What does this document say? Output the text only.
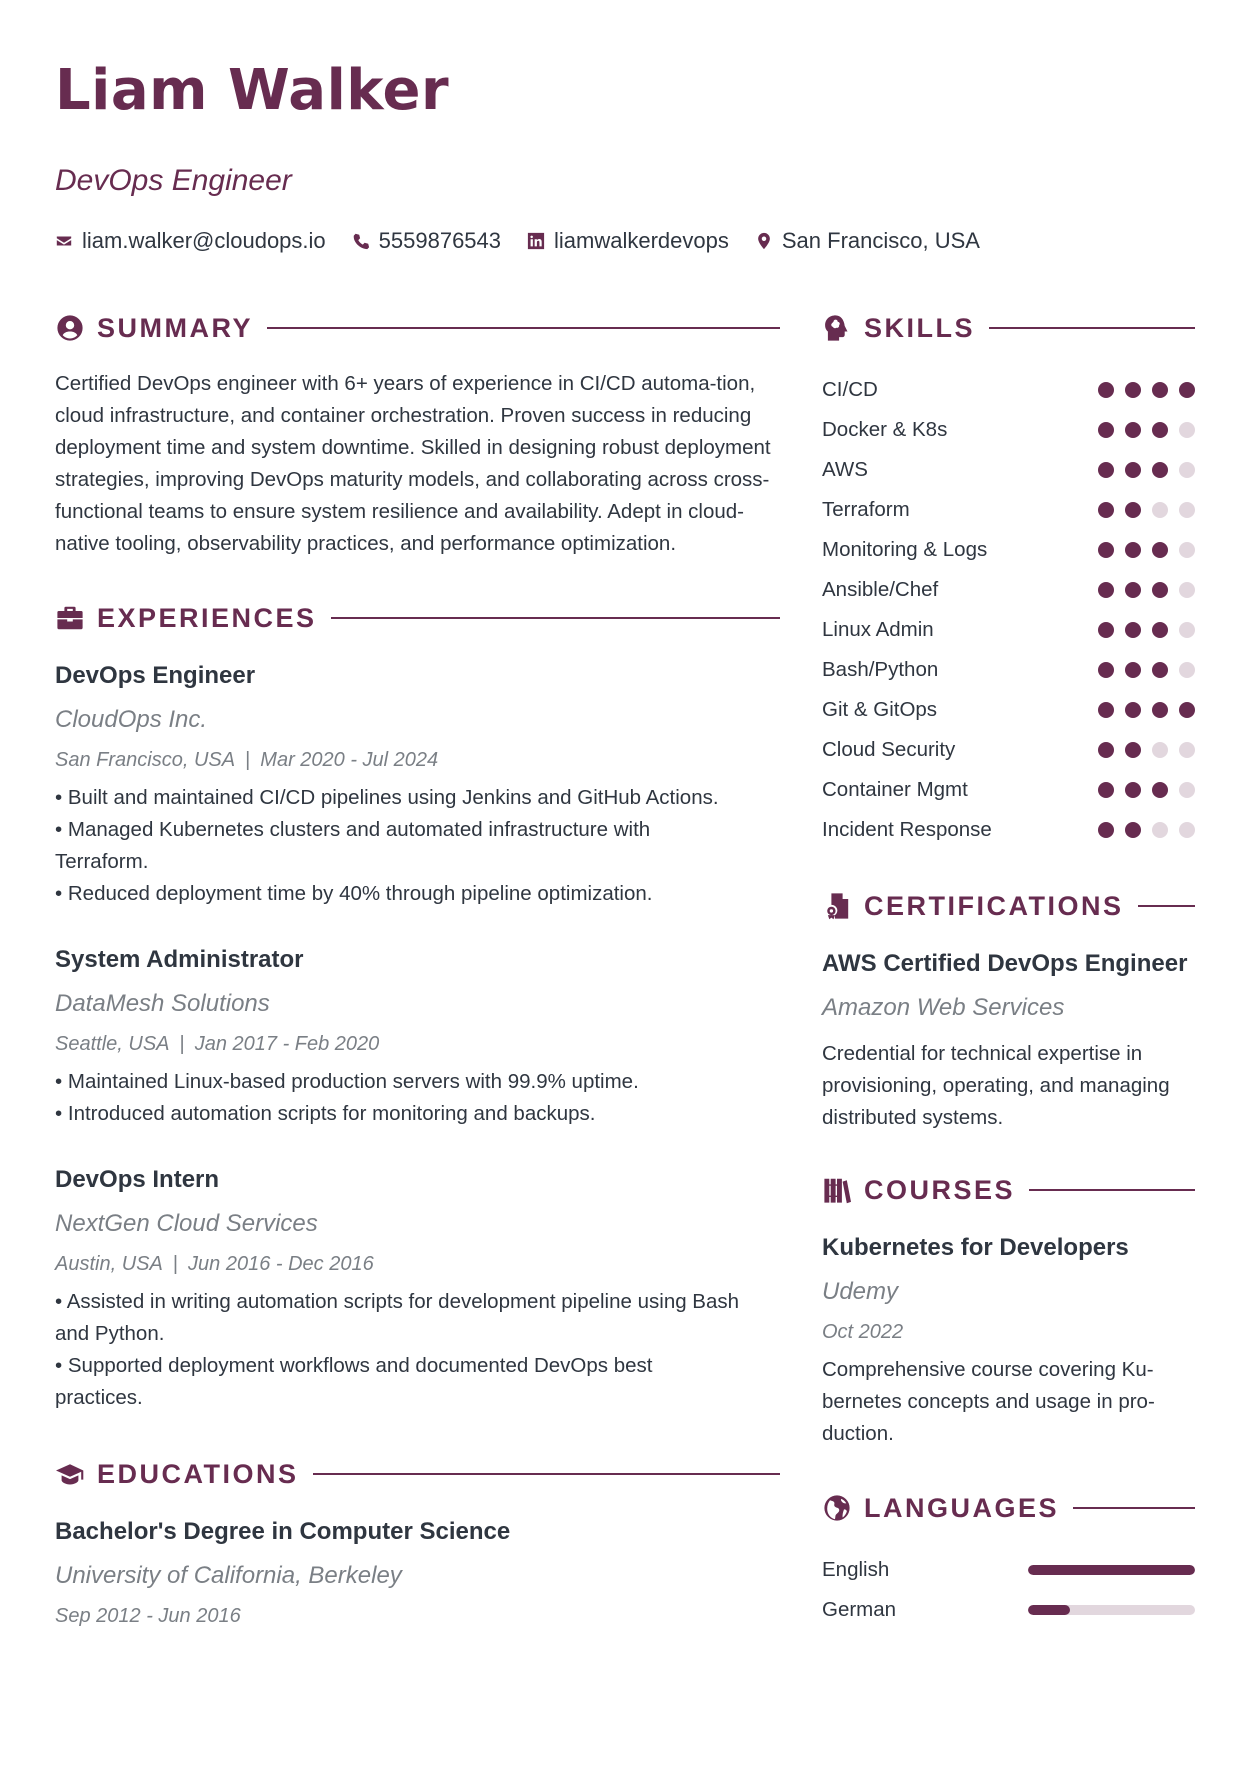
Liam Walker
DevOps Engineer
liam.walker@cloudops.io 5559876543 liamwalkerdevops San Francisco, USA
SUMMARY

Certified DevOps engineer with 6+ years of experience in CI/CD automa-tion, cloud infrastructure, and container orchestration. Proven success in reducing deployment time and system downtime. Skilled in designing robust deployment strategies, improving DevOps maturity models, and collaborating across cross-functional teams to ensure system resilience and availability. Adept in cloud-native tooling, observability practices, and performance optimization.

EXPERIENCES
DevOps Engineer
CloudOps Inc.
San Francisco, USA | Mar 2020 - Jul 2024
• Built and maintained CI/CD pipelines using Jenkins and GitHub Actions.
• Managed Kubernetes clusters and automated infrastructure with Terraform.
• Reduced deployment time by 40% through pipeline optimization.
System Administrator
DataMesh Solutions
Seattle, USA | Jan 2017 - Feb 2020
• Maintained Linux-based production servers with 99.9% uptime.
• Introduced automation scripts for monitoring and backups.
DevOps Intern
NextGen Cloud Services
Austin, USA | Jun 2016 - Dec 2016
• Assisted in writing automation scripts for development pipeline using Bash and Python.
• Supported deployment workflows and documented DevOps best practices.
EDUCATIONS
Bachelor's Degree in Computer Science
University of California, Berkeley
Sep 2012 - Jun 2016
SKILLS
CI/CD
Docker & K8s
AWS
Terraform
Monitoring & Logs
Ansible/Chef
Linux Admin
Bash/Python
Git & GitOps
Cloud Security
Container Mgmt
Incident Response
CERTIFICATIONS
AWS Certified DevOps Engineer
Amazon Web Services
Credential for technical expertise in provisioning, operating, and managing distributed systems.
COURSES
Kubernetes for Developers
Udemy
Oct 2022
Comprehensive course covering Ku-bernetes concepts and usage in pro-duction.
LANGUAGES
English
German
